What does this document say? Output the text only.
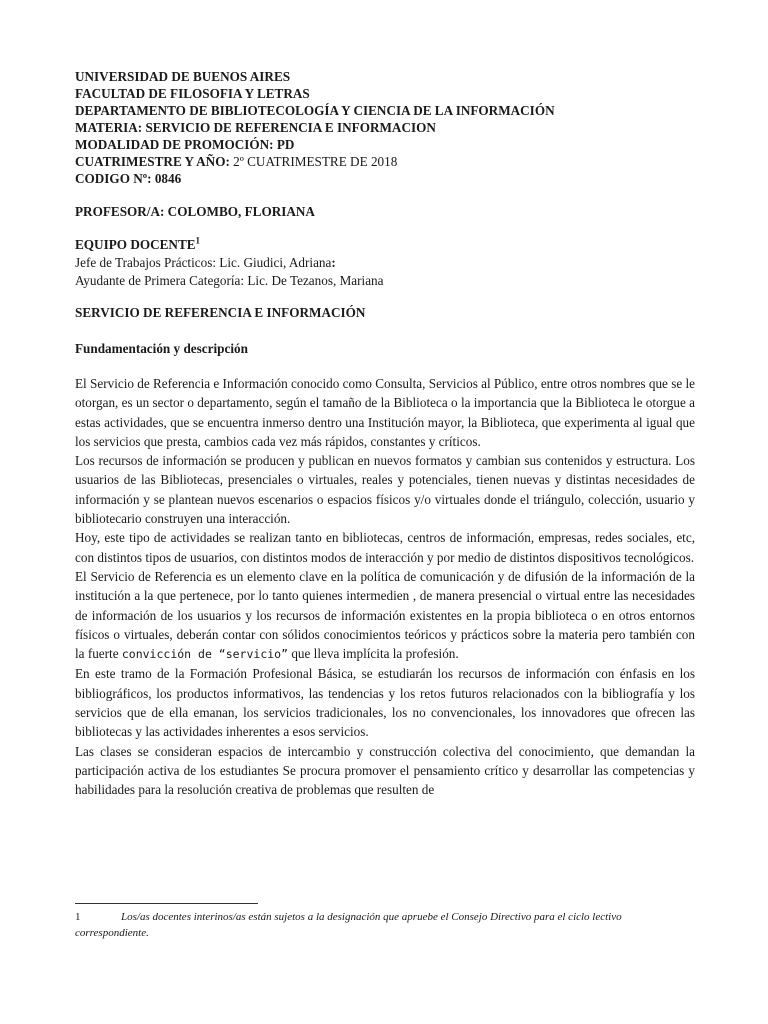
UNIVERSIDAD DE BUENOS AIRES
FACULTAD DE FILOSOFIA Y LETRAS
DEPARTAMENTO DE BIBLIOTECOLOGÍA Y CIENCIA DE LA INFORMACIÓN
MATERIA: SERVICIO DE REFERENCIA E INFORMACION
MODALIDAD DE PROMOCIÓN: PD
CUATRIMESTRE Y AÑO: 2º CUATRIMESTRE DE 2018
CODIGO Nº: 0846
PROFESOR/A: COLOMBO, FLORIANA
EQUIPO DOCENTE$^1$
Jefe de Trabajos Prácticos: Lic. Giudici, Adriana:
Ayudante de Primera Categoría: Lic. De Tezanos, Mariana
SERVICIO DE REFERENCIA E INFORMACIÓN
Fundamentación y descripción

El Servicio de Referencia e Información conocido como Consulta, Servicios al Público, entre otros nombres que se le otorgan, es un sector o departamento, según el tamaño de la Biblioteca o la importancia que la Biblioteca le otorgue a estas actividades, que se encuentra inmerso dentro una Institución mayor, la Biblioteca, que experimenta al igual que los servicios que presta, cambios cada vez más rápidos, constantes y críticos.

Los recursos de información se producen y publican en nuevos formatos y cambian sus contenidos y estructura. Los usuarios de las Bibliotecas, presenciales o virtuales, reales y potenciales, tienen nuevas y distintas necesidades de información y se plantean nuevos escenarios o espacios físicos y/o virtuales donde el triángulo, colección, usuario y bibliotecario construyen una interacción.

Hoy, este tipo de actividades se realizan tanto en bibliotecas, centros de información, empresas, redes sociales, etc, con distintos tipos de usuarios, con distintos modos de interacción y por medio de distintos dispositivos tecnológicos.

El Servicio de Referencia es un elemento clave en la política de comunicación y de difusión de la información de la institución a la que pertenece, por lo tanto quienes intermedien , de manera presencial o virtual entre las necesidades de información de los usuarios y los recursos de información existentes en la propia biblioteca o en otros entornos físicos o virtuales, deberán contar con sólidos conocimientos teóricos y prácticos sobre la materia pero también con la fuerte convicción de “servicio” que lleva implícita la profesión.

En este tramo de la Formación Profesional Básica, se estudiarán los recursos de información con énfasis en los bibliográficos, los productos informativos, las tendencias y los retos futuros relacionados con la bibliografía y los servicios que de ella emanan, los servicios tradicionales, los no convencionales, los innovadores que ofrecen las bibliotecas y las actividades inherentes a esos servicios.

Las clases se consideran espacios de intercambio y construcción colectiva del conocimiento, que demandan la participación activa de los estudiantes Se procura promover el pensamiento crítico y desarrollar las competencias y habilidades para la resolución creativa de problemas que resulten de

1	Los/as docentes interinos/as están sujetos a la designación que apruebe el Consejo Directivo para el ciclo lectivo correspondiente.
